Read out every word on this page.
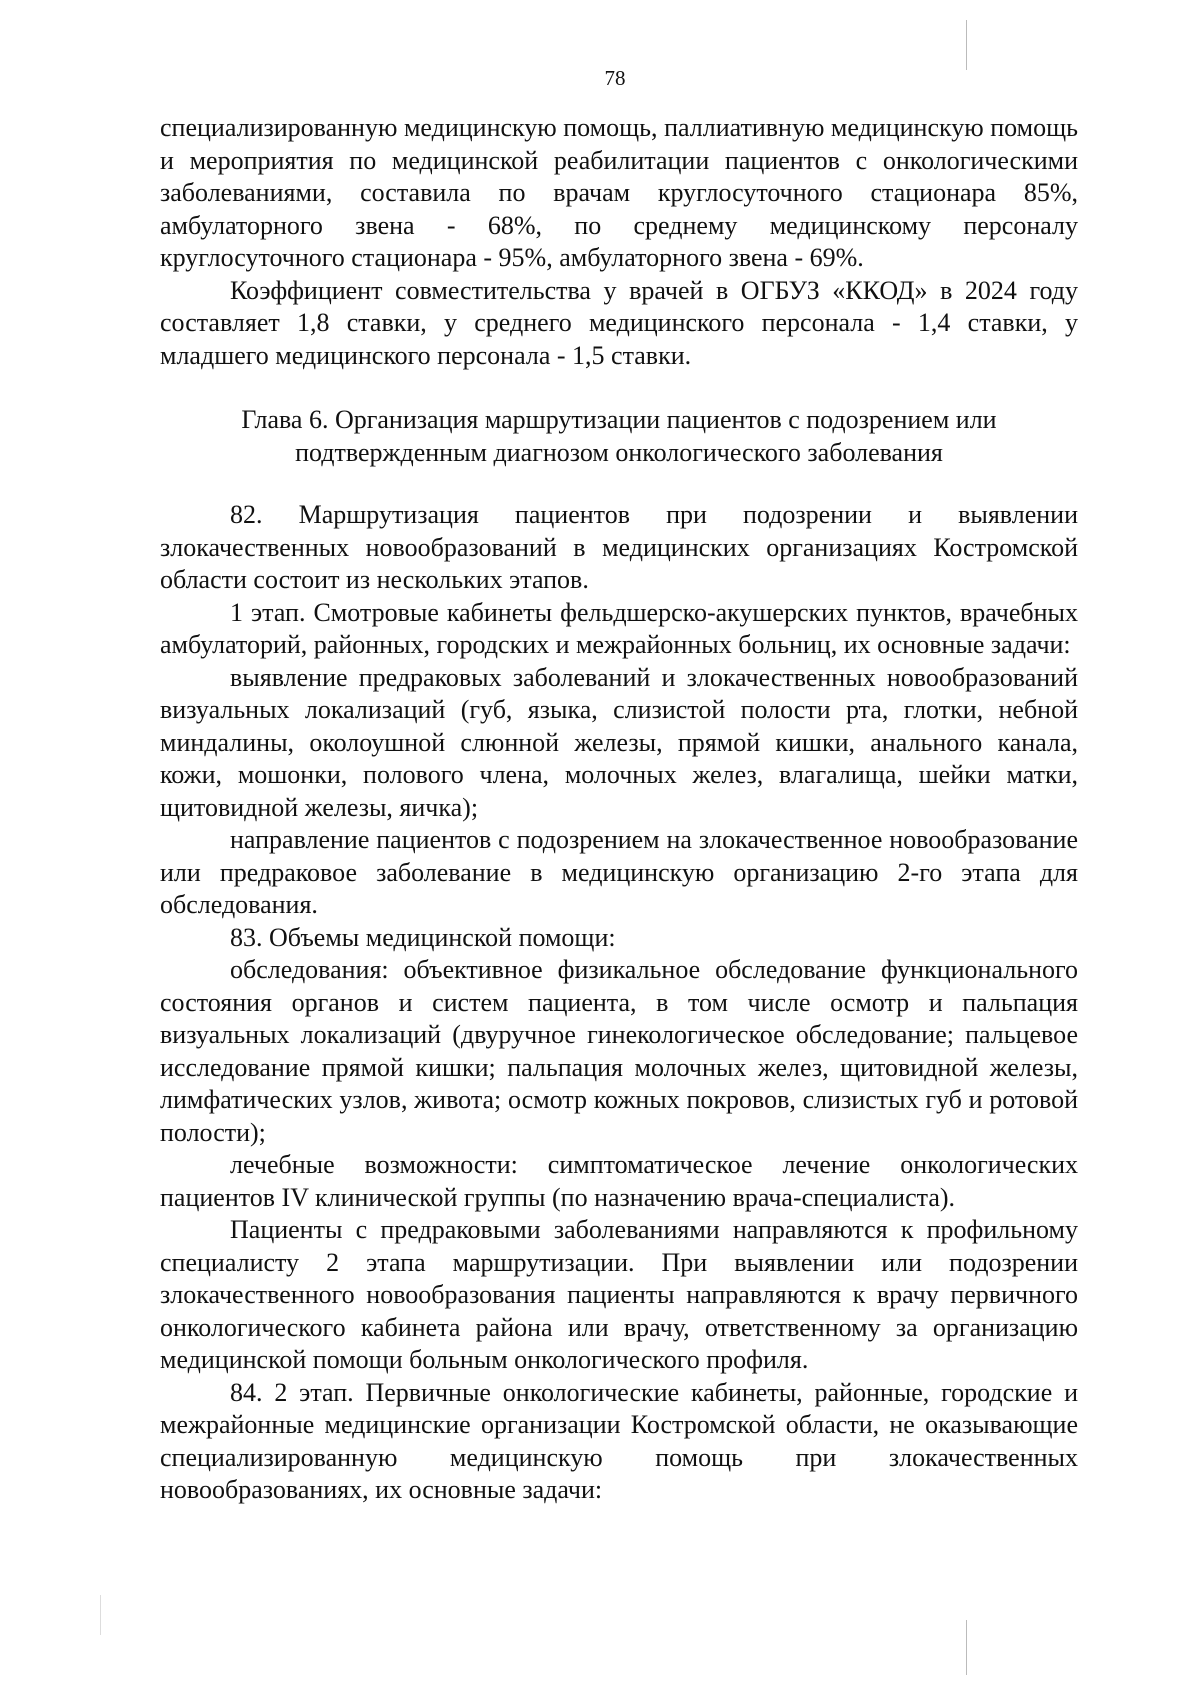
78

специализированную медицинскую помощь, паллиативную медицинскую помощь и мероприятия по медицинской реабилитации пациентов с онкологическими заболеваниями, составила по врачам круглосуточного стационара 85%, амбулаторного звена - 68%, по среднему медицинскому персоналу круглосуточного стационара - 95%, амбулаторного звена - 69%.

Коэффициент совместительства у врачей в ОГБУЗ «ККОД» в 2024 году составляет 1,8 ставки, у среднего медицинского персонала - 1,4 ставки, у младшего медицинского персонала - 1,5 ставки.

Глава 6. Организация маршрутизации пациентов с подозрением или
подтвержденным диагнозом онкологического заболевания

82. Маршрутизация пациентов при подозрении и выявлении злокачественных новообразований в медицинских организациях Костромской области состоит из нескольких этапов.

1 этап. Смотровые кабинеты фельдшерско-акушерских пунктов, врачебных амбулаторий, районных, городских и межрайонных больниц, их основные задачи:

выявление предраковых заболеваний и злокачественных новообразований визуальных локализаций (губ, языка, слизистой полости рта, глотки, небной миндалины, околоушной слюнной железы, прямой кишки, анального канала, кожи, мошонки, полового члена, молочных желез, влагалища, шейки матки, щитовидной железы, яичка);

направление пациентов с подозрением на злокачественное новообразование или предраковое заболевание в медицинскую организацию 2-го этапа для обследования.

83. Объемы медицинской помощи:

обследования: объективное физикальное обследование функционального состояния органов и систем пациента, в том числе осмотр и пальпация визуальных локализаций (двуручное гинекологическое обследование; пальцевое исследование прямой кишки; пальпация молочных желез, щитовидной железы, лимфатических узлов, живота; осмотр кожных покровов, слизистых губ и ротовой полости);

лечебные возможности: симптоматическое лечение онкологических пациентов IV клинической группы (по назначению врача-специалиста).

Пациенты с предраковыми заболеваниями направляются к профильному специалисту 2 этапа маршрутизации. При выявлении или подозрении злокачественного новообразования пациенты направляются к врачу первичного онкологического кабинета района или врачу, ответственному за организацию медицинской помощи больным онкологического профиля.

84. 2 этап. Первичные онкологические кабинеты, районные, городские и межрайонные медицинские организации Костромской области, не оказывающие специализированную медицинскую помощь при злокачественных новообразованиях, их основные задачи:
